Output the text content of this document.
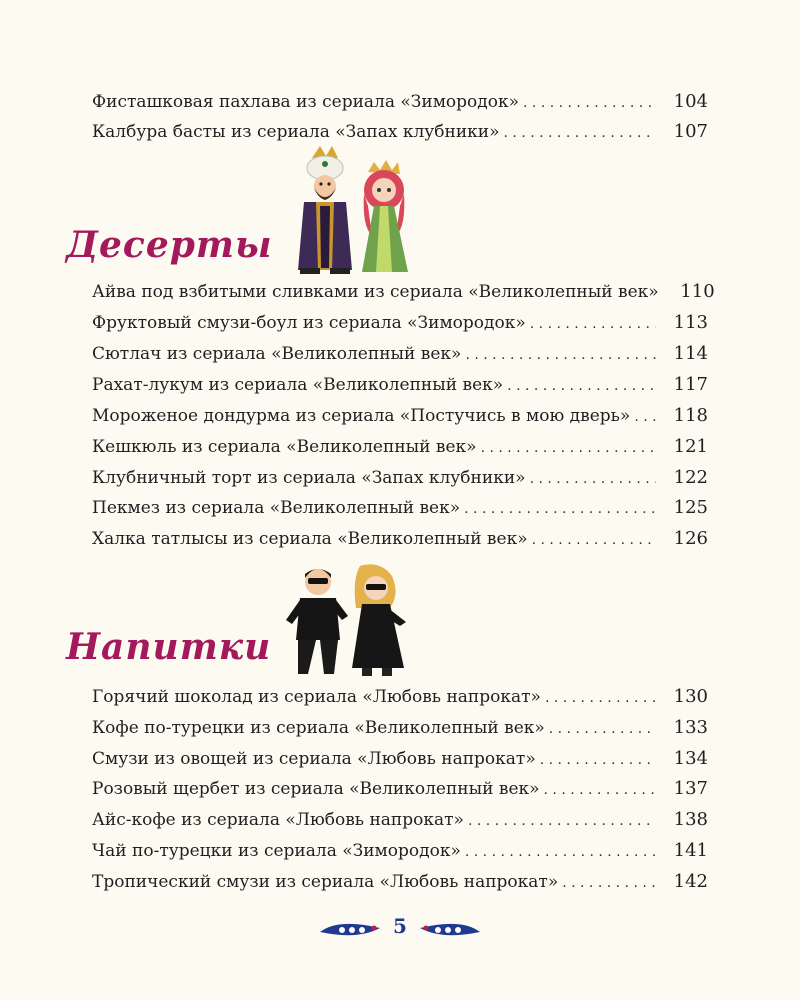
Фисташковая пахлава из сериала «Зимородок» . . .	104
Калбура басты из сериала «Запах клубники» . . .	107
Десерты
Айва под взбитыми сливками из сериала «Великолепный век»	110
Фруктовый смузи-боул из сериала «Зимородок» . . .	113
Сютлач из сериала «Великолепный век» . . .	114
Рахат-лукум из сериала «Великолепный век» . . .	117
Мороженое дондурма из сериала «Постучись в мою дверь» . . .	118
Кешкюль из сериала «Великолепный век» . . .	121
Клубничный торт из сериала «Запах клубники» . . .	122
Пекмез из сериала «Великолепный век» . . .	125
Халка татлысы из сериала «Великолепный век» . . .	126
Напитки
Горячий шоколад из сериала «Любовь напрокат» . . .	130
Кофе по-турецки из сериала «Великолепный век» . . .	133
Смузи из овощей из сериала «Любовь напрокат» . . .	134
Розовый щербет из сериала «Великолепный век» . . .	137
Айс-кофе из сериала «Любовь напрокат» . . .	138
Чай по-турецки из сериала «Зимородок» . . .	141
Тропический смузи из сериала «Любовь напрокат» . . .	142
5
